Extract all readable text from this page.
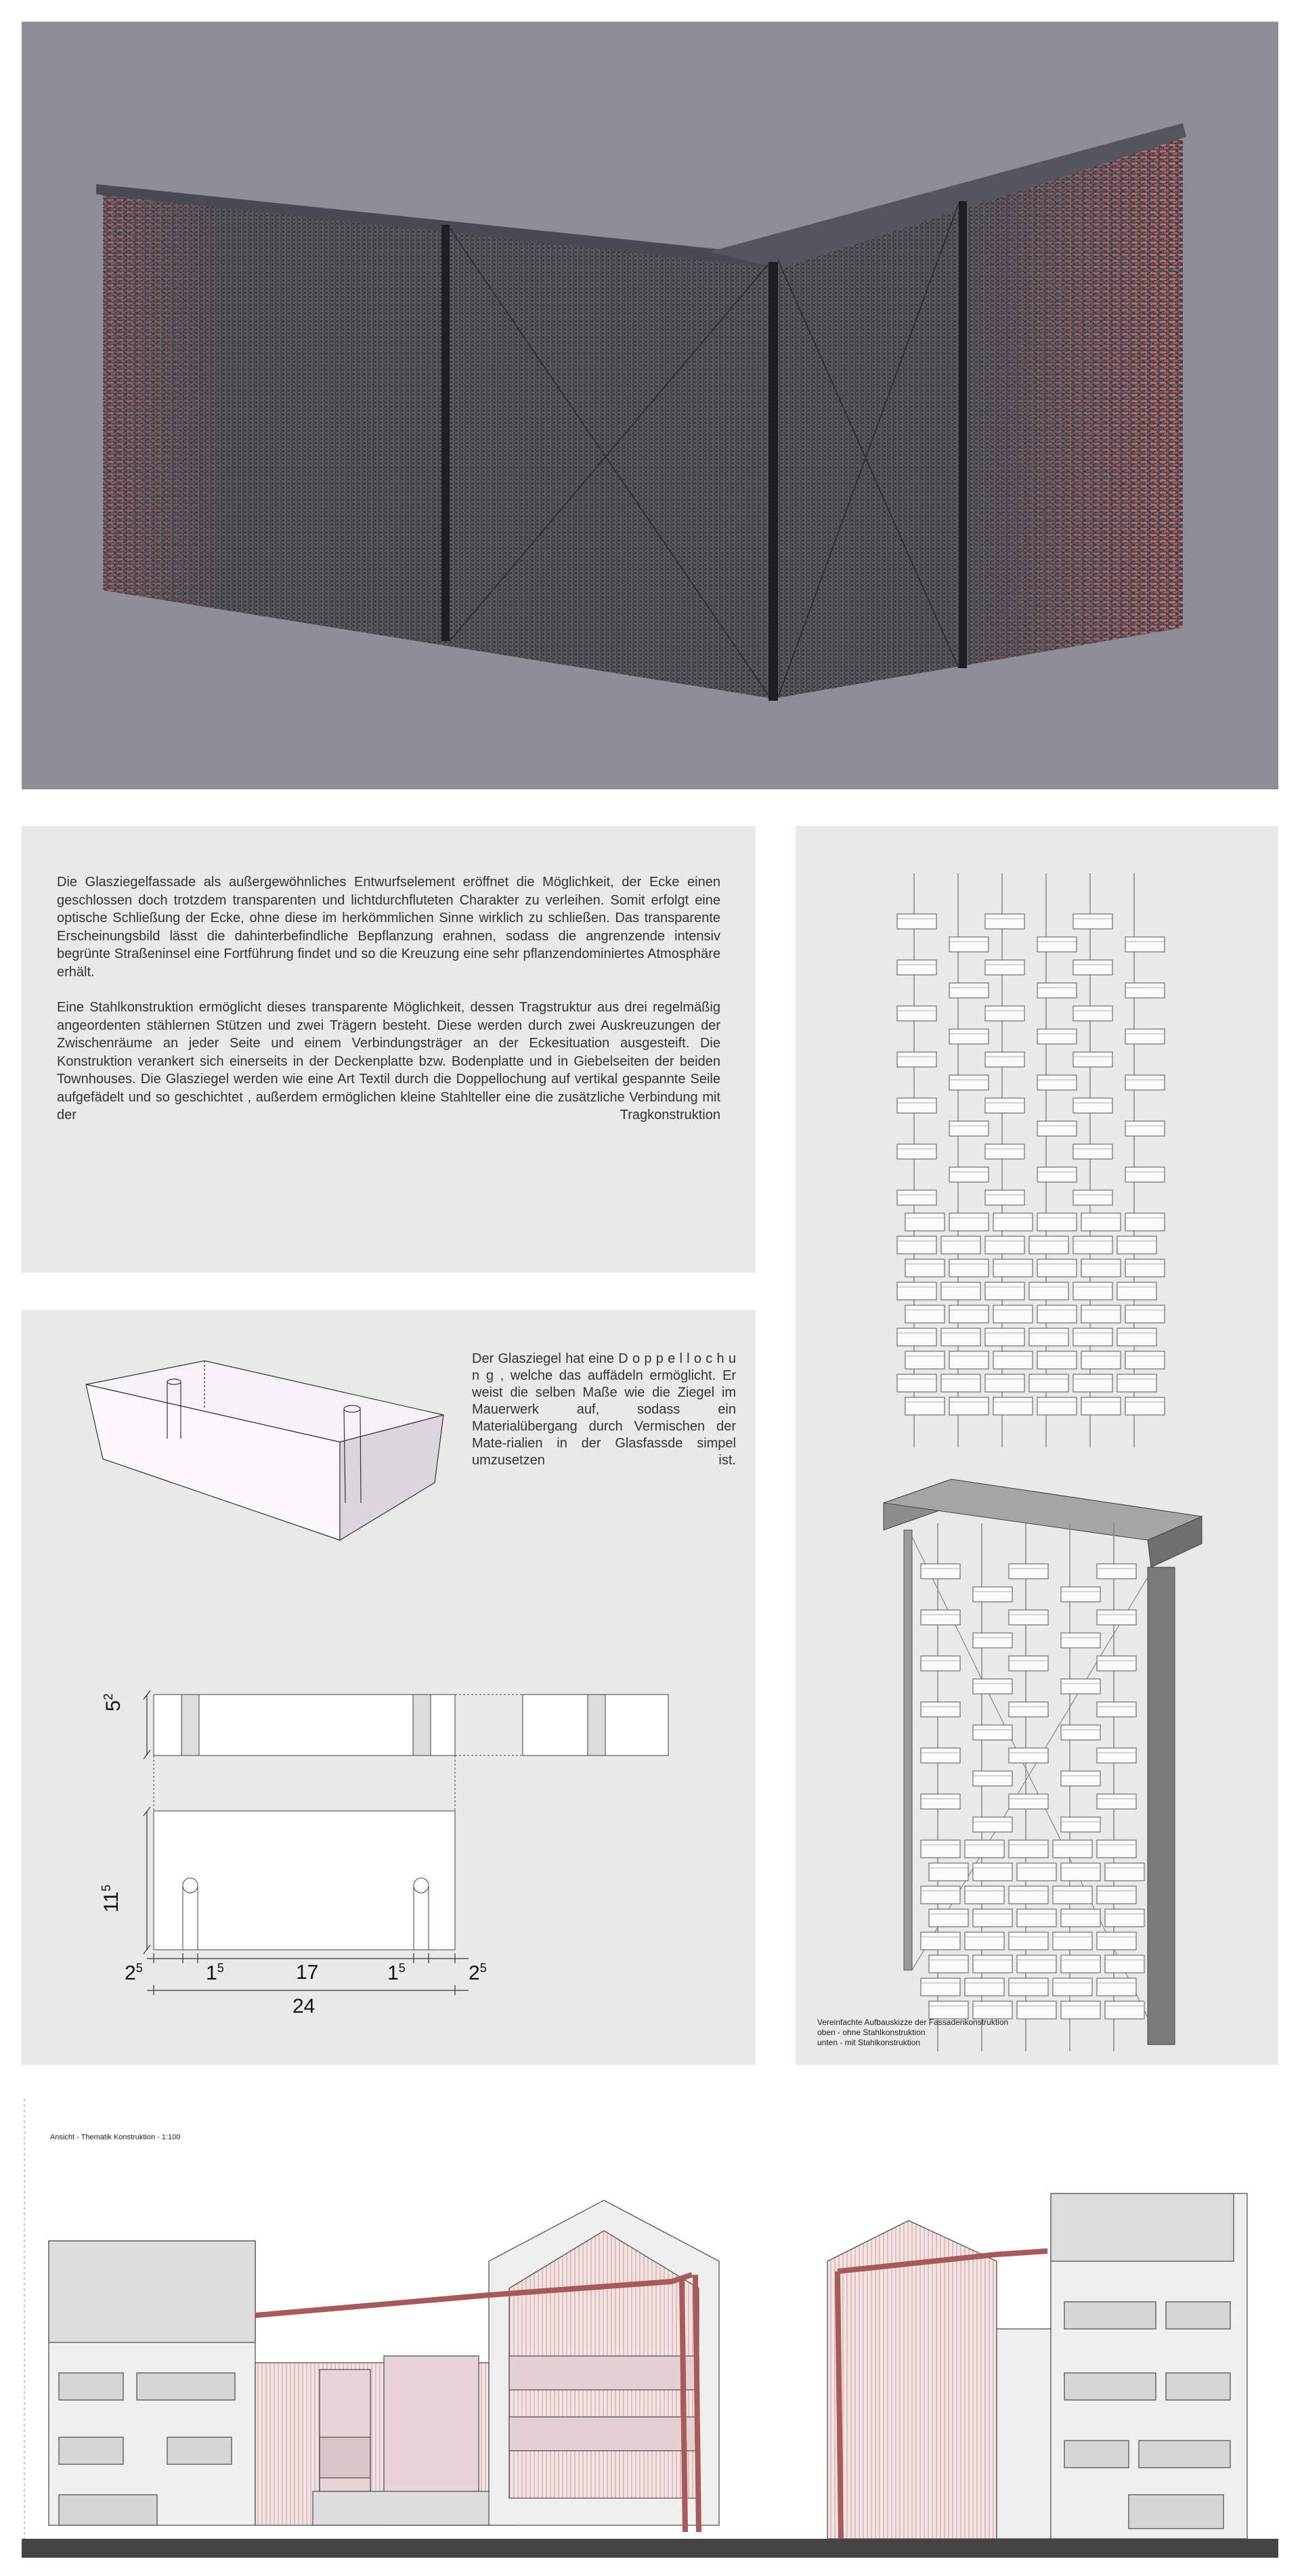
Die Glasziegelfassade als außergewöhnliches Entwurfselement eröffnet die Möglichkeit, der Ecke einen geschlossen doch trotzdem transparenten und lichtdurchfluteten Charakter zu verleihen. Somit erfolgt eine optische Schließung der Ecke, ohne diese im herkömmlichen Sinne wirklich zu schließen. Das transparente Erscheinungsbild lässt die dahinterbefindliche Bepflanzung erahnen, sodass die angrenzende intensiv begrünte Straßeninsel eine Fortführung findet und so die Kreuzung eine sehr pflanzendominiertes Atmosphäre erhält.

Eine Stahlkonstruktion ermöglicht dieses transparente Möglichkeit, dessen Tragstruktur aus drei regelmäßig angeordenten stählernen Stützen und zwei Trägern besteht. Diese werden durch zwei Auskreuzungen der Zwischenräume an jeder Seite und einem Verbindungsträger an der Eckesituation ausgesteift. Die Konstruktion verankert sich einerseits in der Deckenplatte bzw. Bodenplatte und in Giebelseiten der beiden Townhouses. Die Glasziegel werden wie eine Art Textil durch die Doppellochung auf vertikal gespannte Seile aufgefädelt und so geschichtet , außerdem ermöglichen kleine Stahlteller eine die zusätzliche Verbindung mit der Tragkonstruktion

Der Glasziegel hat eine D o p p e l l o c h u n g , welche das auffädeln ermöglicht. Er weist die selben Maße wie die Ziegel im Mauerwerk auf, sodass ein Materialübergang durch Vermischen der Mate-rialien in der Glasfassde simpel umzusetzen ist.
$5^2$
$11^5$
$2^5$	$1^5$	17	$1^5$	$2^5$
24
Vereinfachte Aufbauskizze der Fassadenkonstruktion
oben - ohne Stahlkonstruktion
unten - mit Stahlkonstruktion
Ansicht - Thematik Konstruktion - 1:100
